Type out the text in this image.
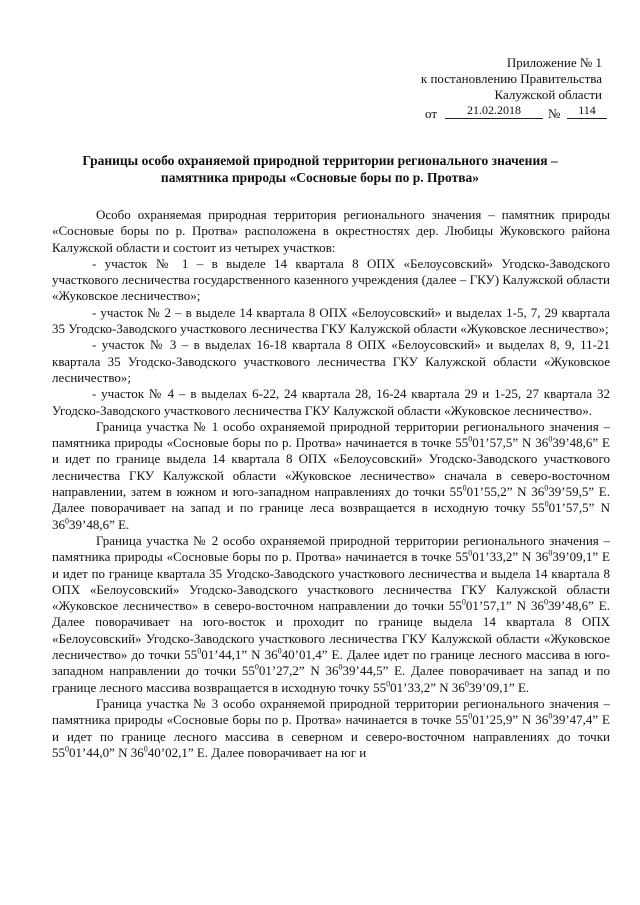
Приложение № 1
к постановлению Правительства
Калужской области
от	21.02.2018	№	114
Границы особо охраняемой природной территории регионального значения –
памятника природы «Сосновые боры по р. Протва»

Особо охраняемая природная территория регионального значения – памятник природы «Сосновые боры по р. Протва» расположена в окрестностях дер. Любицы Жуковского района Калужской области и состоит из четырех участков:

- участок № 1 – в выделе 14 квартала 8 ОПХ «Белоусовский» Угодско-Заводского участкового лесничества государственного казенного учреждения (далее – ГКУ) Калужской области «Жуковское лесничество»;

- участок № 2 – в выделе 14 квартала 8 ОПХ «Белоусовский» и выделах 1-5, 7, 29 квартала 35 Угодско-Заводского участкового лесничества ГКУ Калужской области «Жуковское лесничество»;

- участок № 3 – в выделах 16-18 квартала 8 ОПХ «Белоусовский» и выделах 8, 9, 11-21 квартала 35 Угодско-Заводского участкового лесничества ГКУ Калужской области «Жуковское лесничество»;

- участок № 4 – в выделах 6-22, 24 квартала 28, 16-24 квартала 29 и 1-25, 27 квартала 32 Угодско-Заводского участкового лесничества ГКУ Калужской области «Жуковское лесничество».

Граница участка № 1 особо охраняемой природной территории регионального значения – памятника природы «Сосновые боры по р. Протва» начинается в точке $55^001’57,5$” N $36^039’48,6$” E и идет по границе выдела 14 квартала 8 ОПХ «Белоусовский» Угодско-Заводского участкового лесничества ГКУ Калужской области «Жуковское лесничество» сначала в северо-восточном направлении, затем в южном и юго-западном направлениях до точки $55^001’55,2$” N $36^039’59,5$” E. Далее поворачивает на запад и по границе леса возвращается в исходную точку $55^001’57,5$” N $36^039’48,6$” E.

Граница участка № 2 особо охраняемой природной территории регионального значения – памятника природы «Сосновые боры по р. Протва» начинается в точке $55^001’33,2$” N $36^039’09,1$” E и идет по границе квартала 35 Угодско-Заводского участкового лесничества и выдела 14 квартала 8 ОПХ «Белоусовский» Угодско-Заводского участкового лесничества ГКУ Калужской области «Жуковское лесничество» в северо-восточном направлении до точки $55^001’57,1$” N $36^039’48,6$” E. Далее поворачивает на юго-восток и проходит по границе выдела 14 квартала 8 ОПХ «Белоусовский» Угодско-Заводского участкового лесничества ГКУ Калужской области «Жуковское лесничество» до точки $55^001’44,1$” N $36^040’01,4$” E. Далее идет по границе лесного массива в юго-западном направлении до точки $55^001’27,2$” N $36^039’44,5$” E. Далее поворачивает на запад и по границе лесного массива возвращается в исходную точку $55^001’33,2$” N $36^039’09,1$” E.

Граница участка № 3 особо охраняемой природной территории регионального значения – памятника природы «Сосновые боры по р. Протва» начинается в точке $55^001’25,9$” N $36^039’47,4$” E и идет по границе лесного массива в северном и северо-восточном направлениях до точки $55^001’44,0$” N $36^040’02,1$” E. Далее поворачивает на юг и
